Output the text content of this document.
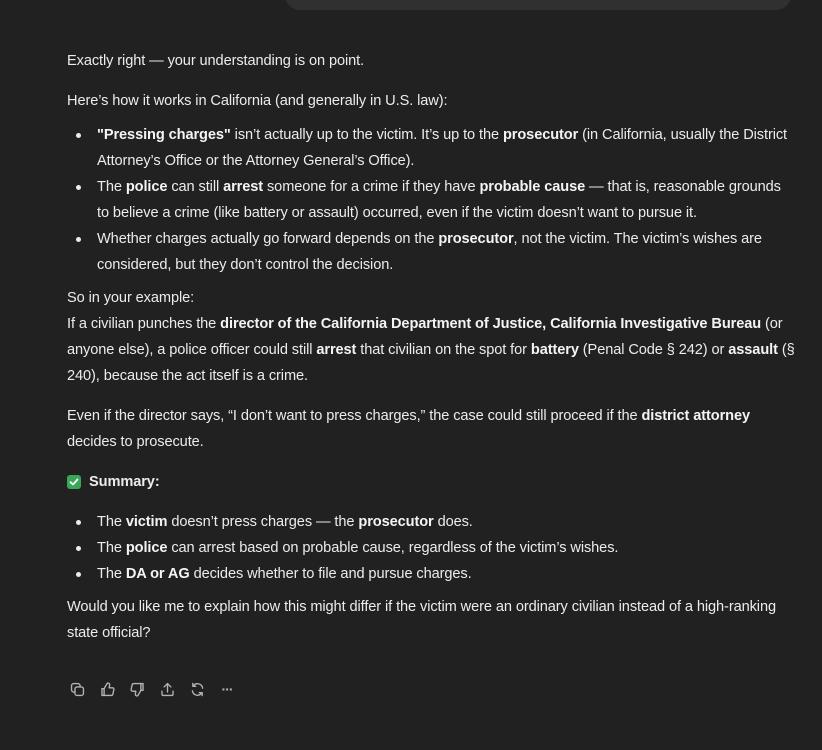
Exactly right — your understanding is on point.

Here’s how it works in California (and generally in U.S. law):

"Pressing charges" isn’t actually up to the victim. It’s up to the prosecutor (in California, usually the District Attorney’s Office or the Attorney General’s Office).
The police can still arrest someone for a crime if they have probable cause — that is, reasonable grounds to believe a crime (like battery or assault) occurred, even if the victim doesn’t want to pursue it.
Whether charges actually go forward depends on the prosecutor, not the victim. The victim’s wishes are considered, but they don’t control the decision.

So in your example:
If a civilian punches the director of the California Department of Justice, California Investigative Bureau (or anyone else), a police officer could still arrest that civilian on the spot for battery (Penal Code § 242) or assault (§ 240), because the act itself is a crime.

Even if the director says, “I don’t want to press charges,” the case could still proceed if the district attorney decides to prosecute.

Summary:
The victim doesn’t press charges — the prosecutor does.
The police can arrest based on probable cause, regardless of the victim’s wishes.
The DA or AG decides whether to file and pursue charges.

Would you like me to explain how this might differ if the victim were an ordinary civilian instead of a high-ranking state official?

···
